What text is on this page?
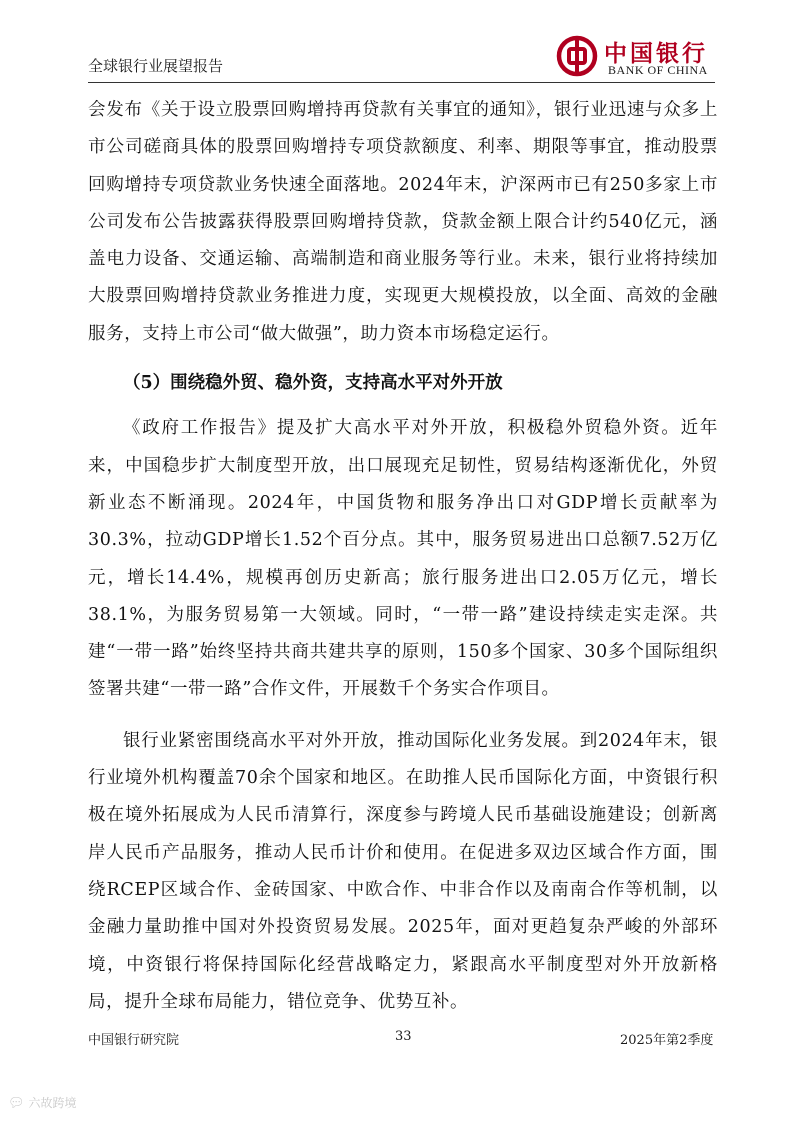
全球银行业展望报告	中国银行
BANK OF CHINA

会发布《关于设立股票回购增持再贷款有关事宜的通知》，银行业迅速与众多上市公司磋商具体的股票回购增持专项贷款额度、利率、期限等事宜，推动股票回购增持专项贷款业务快速全面落地。2024年末，沪深两市已有250多家上市公司发布公告披露获得股票回购增持贷款，贷款金额上限合计约540亿元，涵盖电力设备、交通运输、高端制造和商业服务等行业。未来，银行业将持续加大股票回购增持贷款业务推进力度，实现更大规模投放，以全面、高效的金融服务，支持上市公司“做大做强”，助力资本市场稳定运行。

（5）围绕稳外贸、稳外资，支持高水平对外开放

《政府工作报告》提及扩大高水平对外开放，积极稳外贸稳外资。近年来，中国稳步扩大制度型开放，出口展现充足韧性，贸易结构逐渐优化，外贸新业态不断涌现。2024年，中国货物和服务净出口对GDP增长贡献率为30.3%，拉动GDP增长1.52个百分点。其中，服务贸易进出口总额7.52万亿元，增长14.4%，规模再创历史新高；旅行服务进出口2.05万亿元，增长38.1%，为服务贸易第一大领域。同时，“一带一路”建设持续走实走深。共建“一带一路”始终坚持共商共建共享的原则，150多个国家、30多个国际组织签署共建“一带一路”合作文件，开展数千个务实合作项目。

银行业紧密围绕高水平对外开放，推动国际化业务发展。到2024年末，银行业境外机构覆盖70余个国家和地区。在助推人民币国际化方面，中资银行积极在境外拓展成为人民币清算行，深度参与跨境人民币基础设施建设；创新离岸人民币产品服务，推动人民币计价和使用。在促进多双边区域合作方面，围绕RCEP区域合作、金砖国家、中欧合作、中非合作以及南南合作等机制，以金融力量助推中国对外投资贸易发展。2025年，面对更趋复杂严峻的外部环境，中资银行将保持国际化经营战略定力，紧跟高水平制度型对外开放新格局，提升全球布局能力，错位竞争、优势互补。

中国银行研究院	33	2025年第2季度
💬︎ 六故跨境
